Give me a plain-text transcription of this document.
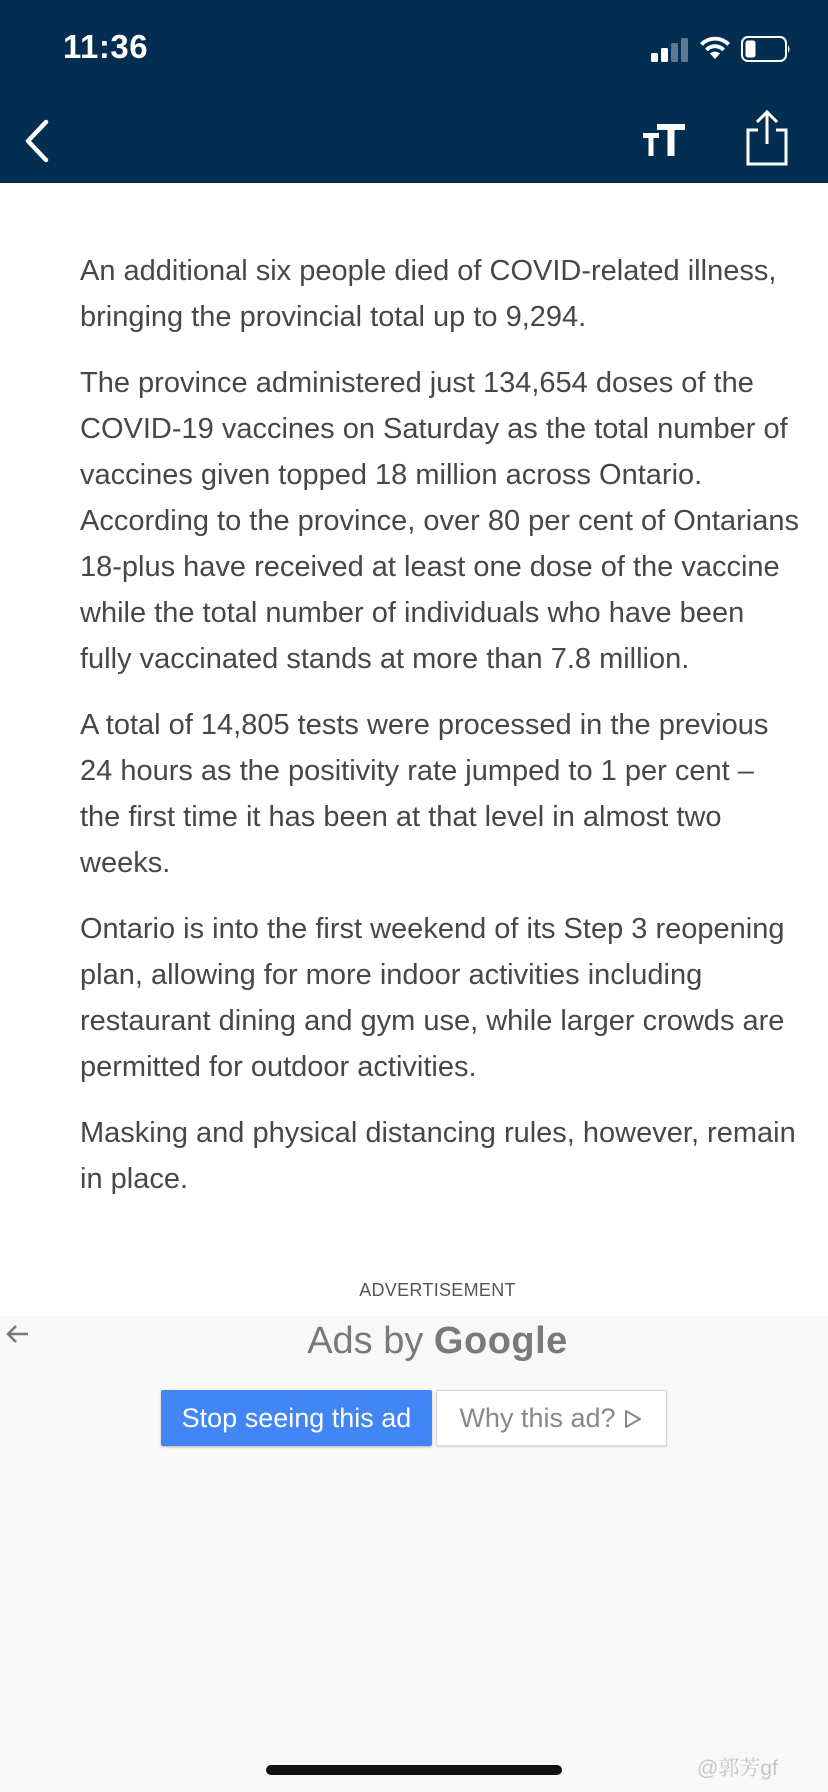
11:36

An additional six people died of COVID-related illness, bringing the provincial total up to 9,294.

The province administered just 134,654 doses of the COVID-19 vaccines on Saturday as the total number of vaccines given topped 18 million across Ontario. According to the province, over 80 per cent of Ontarians 18-plus have received at least one dose of the vaccine while the total number of individuals who have been fully vaccinated stands at more than 7.8 million.

A total of 14,805 tests were processed in the previous 24 hours as the positivity rate jumped to 1 per cent – the first time it has been at that level in almost two weeks.

Ontario is into the first weekend of its Step 3 reopening plan, allowing for more indoor activities including restaurant dining and gym use, while larger crowds are permitted for outdoor activities.

Masking and physical distancing rules, however, remain in place.

ADVERTISEMENT
Ads by Google
Stop seeing this ad	Why this ad?
@郭芳gf
